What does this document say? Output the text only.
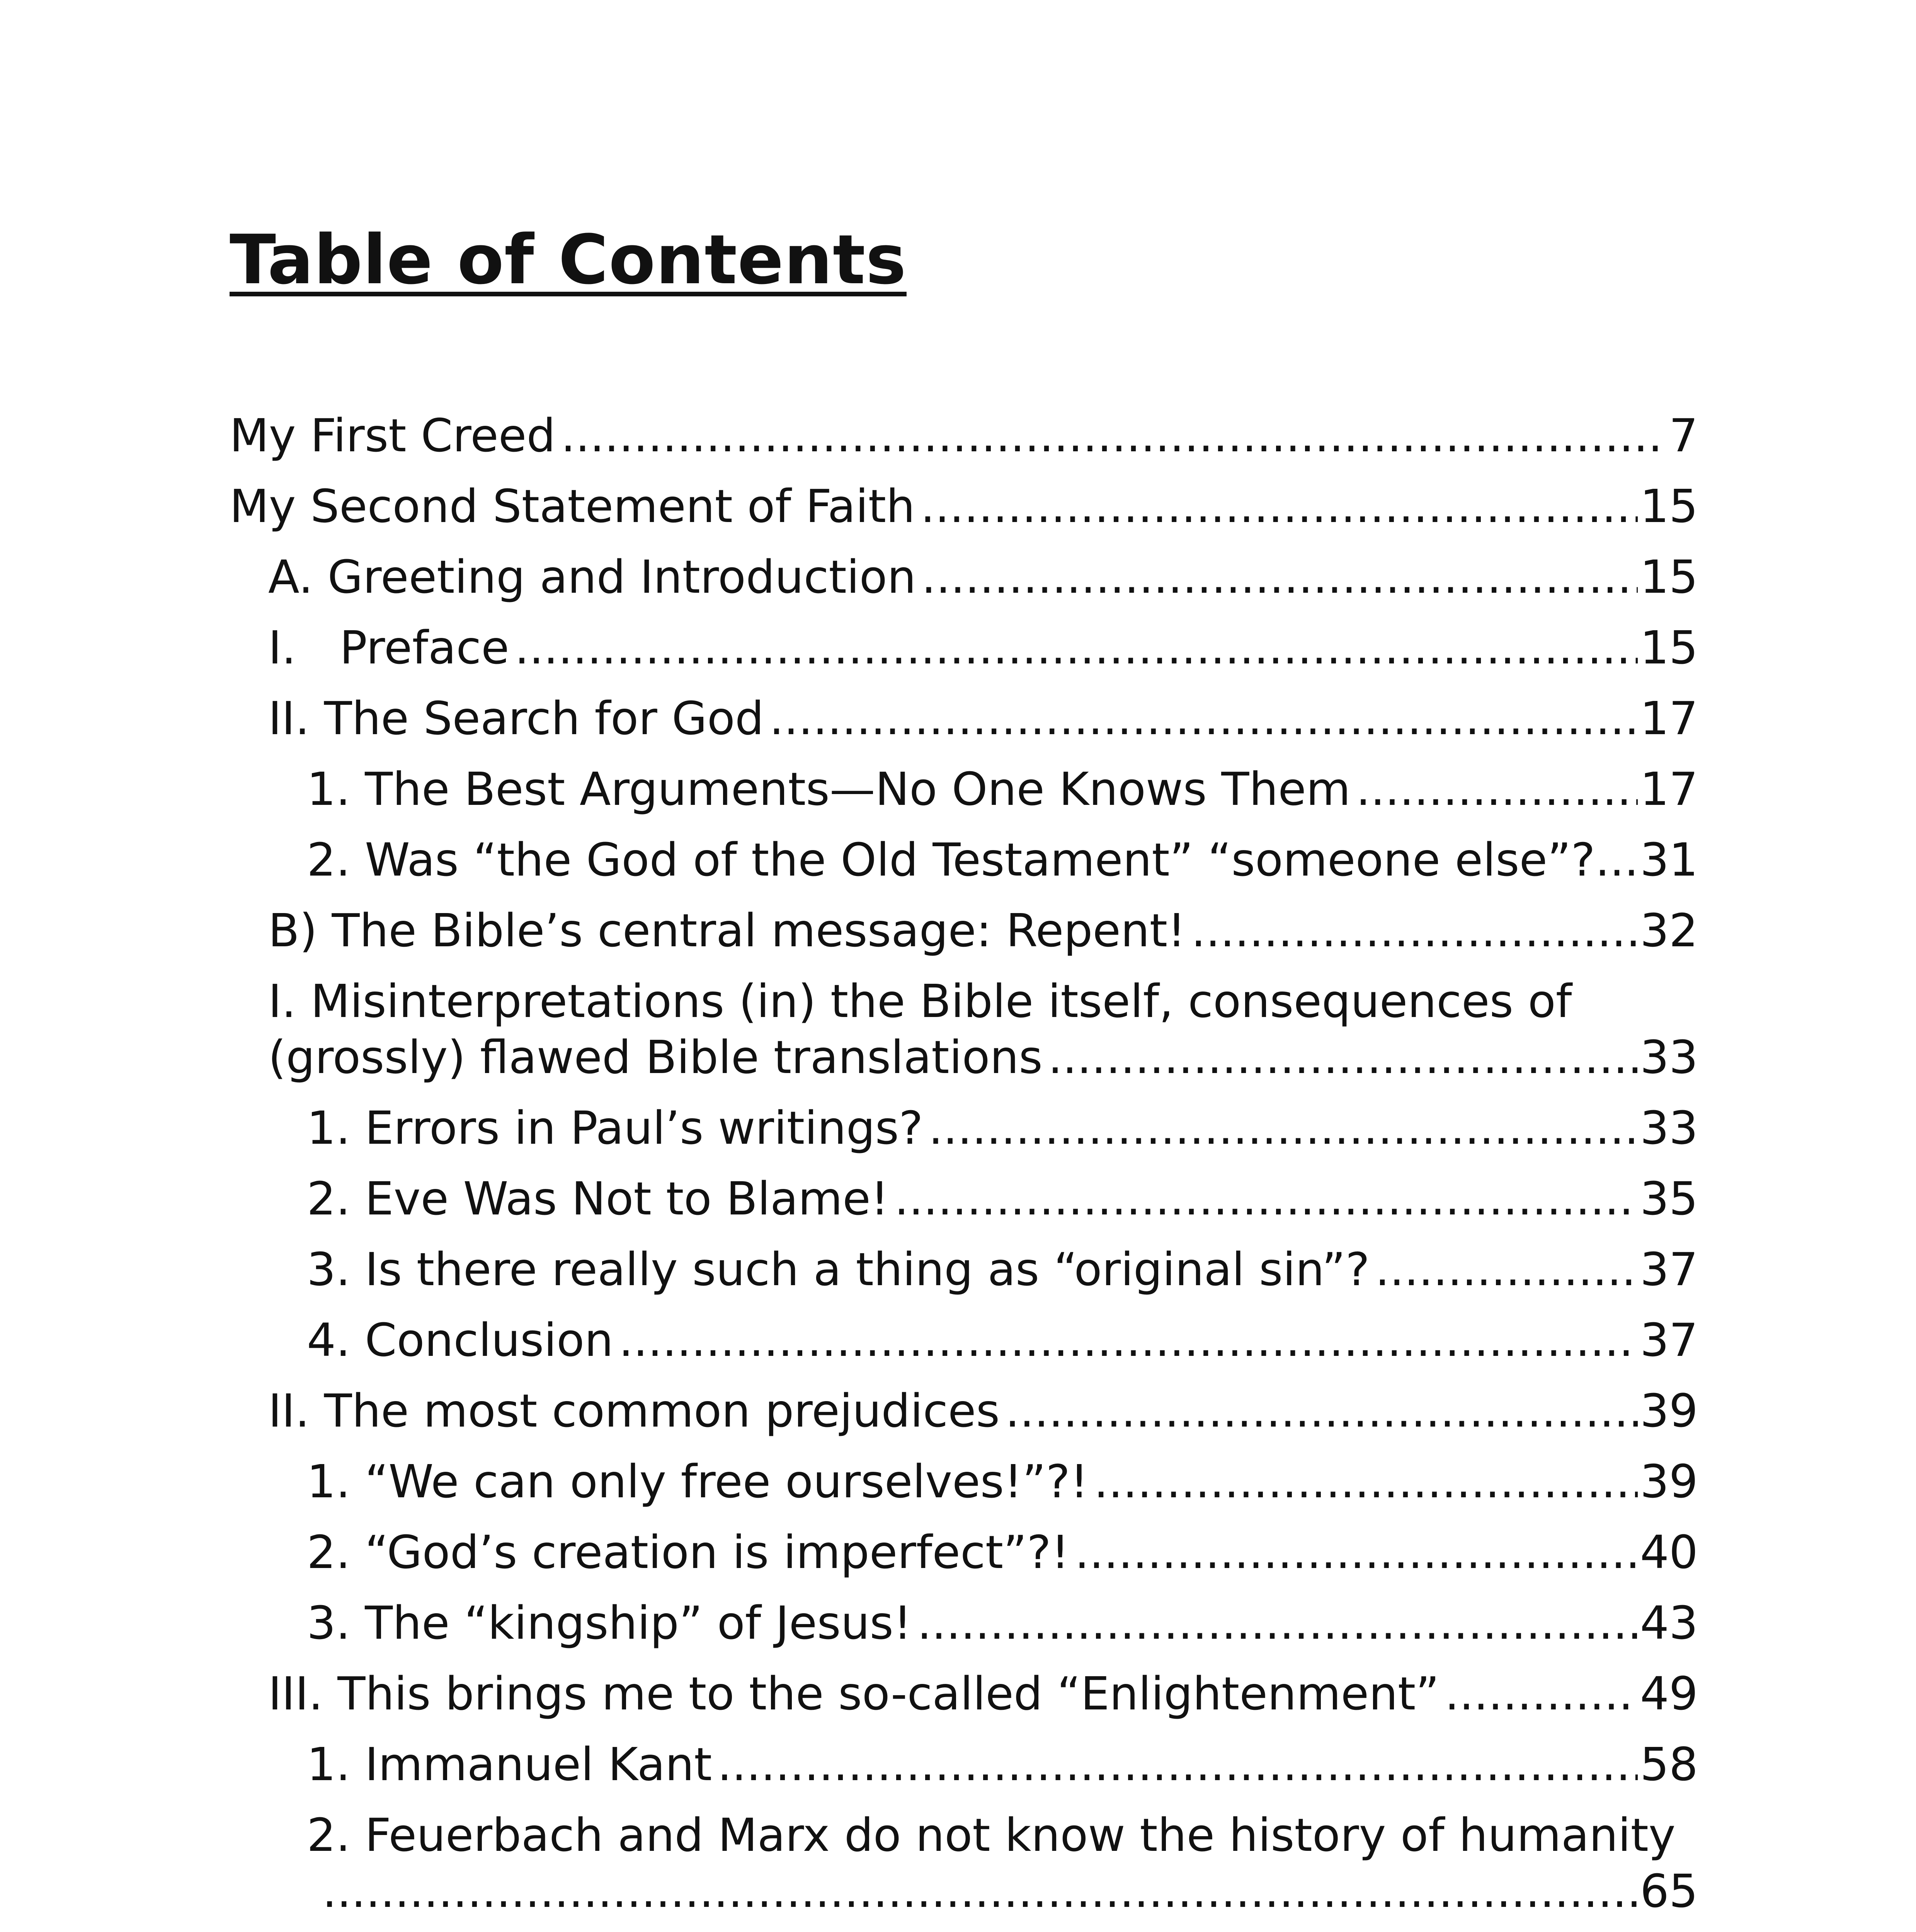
Table of Contents
My First Creed .....	7
My Second Statement of Faith .....	15
A. Greeting and Introduction .....	15
I.   Preface .....	15
II. The Search for God .....	17
1. The Best Arguments—No One Knows Them .....	17
2. Was “the God of the Old Testament” “someone else”? ..... 31
B) The Bible’s central message: Repent! .....	32
I. Misinterpretations (in) the Bible itself, consequences of
(grossly) flawed Bible translations .....	33
1. Errors in Paul’s writings? .....	33
2. Eve Was Not to Blame! .....	35
3. Is there really such a thing as “original sin”? .....	37
4. Conclusion .....	37
II. The most common prejudices .....	39
1. “We can only free ourselves!”?! .....	39
2. “God’s creation is imperfect”?! .....	40
3. The “kingship” of Jesus! .....	43
III. This brings me to the so-called “Enlightenment” .....	49
1. Immanuel Kant .....	58
2. Feuerbach and Marx do not know the history of humanity
.....
65
